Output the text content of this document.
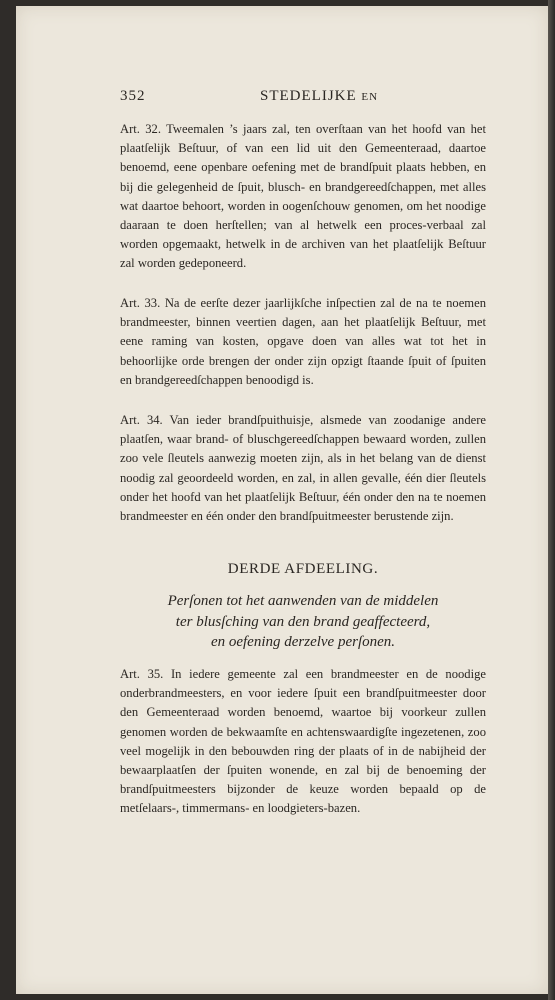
352	STEDELIJKE EN
Art. 32. Tweemalen ’s jaars zal, ten overſtaan van het hoofd van het plaatſelijk Beſtuur, of van een lid uit den Gemeenteraad, daartoe benoemd, eene openbare oefening met de brandſpuit plaats hebben, en bij die gelegenheid de ſpuit, blusch- en brandgereedſchappen, met alles wat daartoe behoort, worden in oogenſchouw genomen, om het noodige daaraan te doen herſtellen; van al hetwelk een proces-verbaal zal worden opgemaakt, hetwelk in de archiven van het plaatſelijk Beſtuur zal worden gedeponeerd.
Art. 33. Na de eerſte dezer jaarlijkſche inſpectien zal de na te noemen brandmeester, binnen veertien dagen, aan het plaatſelijk Beſtuur, met eene raming van kosten, opgave doen van alles wat tot het in behoorlijke orde brengen der onder zijn opzigt ſtaande ſpuit of ſpuiten en brandgereedſchappen benoodigd is.
Art. 34. Van ieder brandſpuithuisje, alsmede van zoodanige andere plaatſen, waar brand- of bluschgereedſchappen bewaard worden, zullen zoo vele ſleutels aanwezig moeten zijn, als in het belang van de dienst noodig zal geoordeeld worden, en zal, in allen gevalle, één dier ſleutels onder het hoofd van het plaatſelijk Beſtuur, één onder den na te noemen brandmeester en één onder den brandſpuitmeester berustende zijn.
DERDE AFDEELING.
Perſonen tot het aanwenden van de middelen
ter blusſching van den brand geaffecteerd,
en oefening derzelve perſonen.
Art. 35. In iedere gemeente zal een brandmeester en de noodige onderbrandmeesters, en voor iedere ſpuit een brandſpuitmeester door den Gemeenteraad worden benoemd, waartoe bij voorkeur zullen genomen worden de bekwaamſte en achtenswaardigſte ingezetenen, zoo veel mogelijk in den bebouwden ring der plaats of in de nabijheid der bewaarplaatſen der ſpuiten wonende, en zal bij de benoeming der brandſpuitmeesters bijzonder de keuze worden bepaald op de metſelaars-, timmermans- en loodgieters-bazen.
